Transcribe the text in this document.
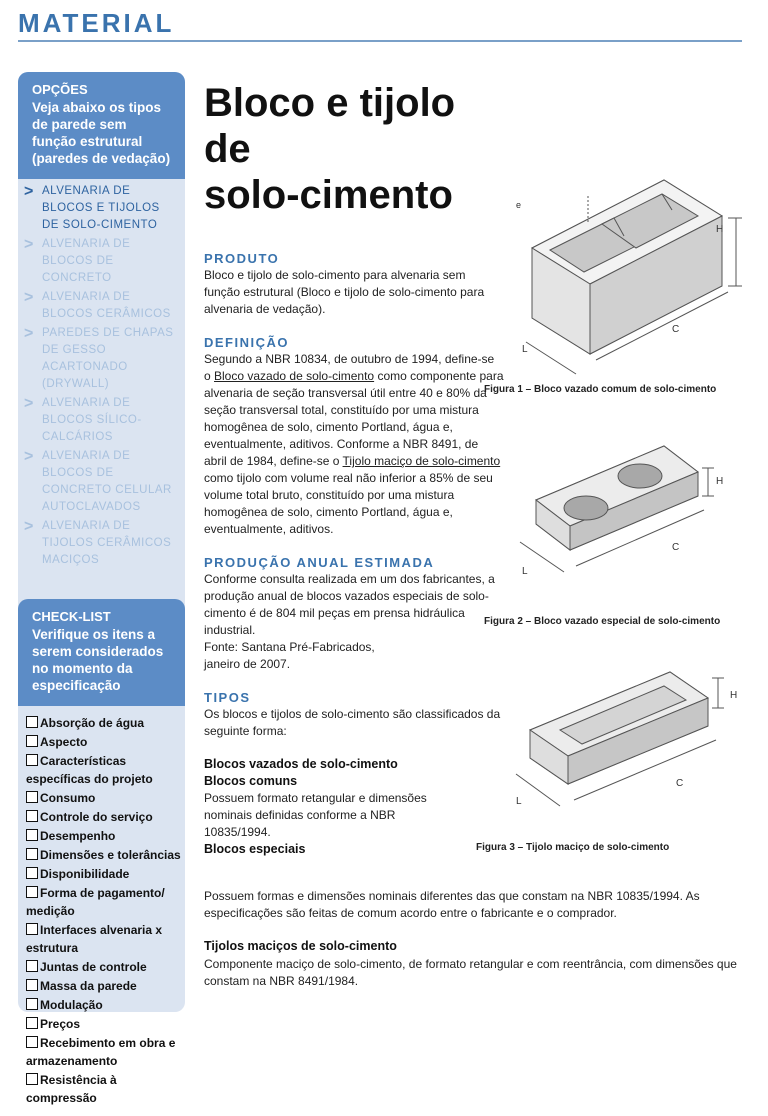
MATERIAL
OPÇÕES
Veja abaixo os tipos de parede sem função estrutural (paredes de vedação)
> ALVENARIA DE BLOCOS E TIJOLOS DE SOLO-CIMENTO
> ALVENARIA DE BLOCOS DE CONCRETO
> ALVENARIA DE BLOCOS CERÂMICOS
> PAREDES DE CHAPAS DE GESSO ACARTONADO (DRYWALL)
> ALVENARIA DE BLOCOS SÍLICO-CALCÁRIOS
> ALVENARIA DE BLOCOS DE CONCRETO CELULAR AUTOCLAVADOS
> ALVENARIA DE TIJOLOS CERÂMICOS MACIÇOS
CHECK-LIST
Verifique os itens a serem considerados no momento da especificação
Absorção de água
Aspecto
Características específicas do projeto
Consumo
Controle do serviço
Desempenho
Dimensões e tolerâncias
Disponibilidade
Forma de pagamento/ medição
Interfaces alvenaria x estrutura
Juntas de controle
Massa da parede
Modulação
Preços
Recebimento em obra e armazenamento
Resistência à compressão
Bloco e tijolo de
solo-cimento
PRODUTO

Bloco e tijolo de solo-cimento para alvenaria sem função estrutural (Bloco e tijolo de solo-cimento para alvenaria de vedação).

DEFINIÇÃO

Segundo a NBR 10834, de outubro de 1994, define-se o Bloco vazado de solo-cimento como componente para alvenaria de seção transversal útil entre 40 e 80% da seção transversal total, constituído por uma mistura homogênea de solo, cimento Portland, água e, eventualmente, aditivos. Conforme a NBR 8491, de abril de 1984, define-se o Tijolo maciço de solo-cimento como tijolo com volume real não inferior a 85% de seu volume total bruto, constituído por uma mistura homogênea de solo, cimento Portland, água e, eventualmente, aditivos.

PRODUÇÃO ANUAL ESTIMADA

Conforme consulta realizada em um dos fabricantes, a produção anual de blocos vazados especiais de solo-cimento é de 804 mil peças em prensa hidráulica industrial.

Fonte: Santana Pré-Fabricados,

janeiro de 2007.

TIPOS

Os blocos e tijolos de solo-cimento são classificados da seguinte forma:

Blocos vazados de solo-cimento
Blocos comuns

Possuem formato retangular e dimensões nominais definidas conforme a NBR 10835/1994.

Blocos especiais

Possuem formas e dimensões nominais diferentes das que constam na NBR 10835/1994. As especificações são feitas de comum acordo entre o fabricante e o comprador.

Tijolos maciços de solo-cimento

Componente maciço de solo-cimento, de formato retangular e com reentrância, com dimensões que constam na NBR 8491/1984.

e
H
C
L
Figura 1 – Bloco vazado comum de solo-cimento
H
C
L
Figura 2 – Bloco vazado especial de solo-cimento
H
C
L
Figura 3 – Tijolo maciço de solo-cimento
